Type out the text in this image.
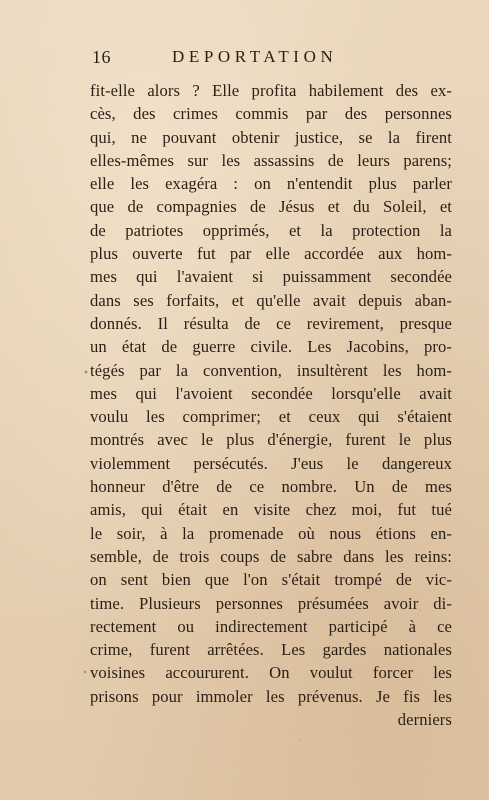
16	DEPORTATION
fit-elle alors ? Elle profita habilement des ex-
cès, des crimes commis par des personnes
qui, ne pouvant obtenir justice, se la firent
elles-mêmes sur les assassins de leurs parens;
elle les exagéra : on n'entendit plus parler
que de compagnies de Jésus et du Soleil, et
de patriotes opprimés, et la protection la
plus ouverte fut par elle accordée aux hom-
mes qui l'avaient si puissamment secondée
dans ses forfaits, et qu'elle avait depuis aban-
donnés. Il résulta de ce revirement, presque
un état de guerre civile. Les Jacobins, pro-
tégés par la convention, insultèrent les hom-
mes qui l'avoient secondée lorsqu'elle avait
voulu les comprimer; et ceux qui s'étaient
montrés avec le plus d'énergie, furent le plus
violemment persécutés. J'eus le dangereux
honneur d'être de ce nombre. Un de mes
amis, qui était en visite chez moi, fut tué
le soir, à la promenade où nous étions en-
semble, de trois coups de sabre dans les reins:
on sent bien que l'on s'était trompé de vic-
time. Plusieurs personnes présumées avoir di-
rectement ou indirectement participé à ce
crime, furent arrêtées. Les gardes nationales
voisines accoururent. On voulut forcer les
prisons pour immoler les prévenus. Je fis les
derniers
